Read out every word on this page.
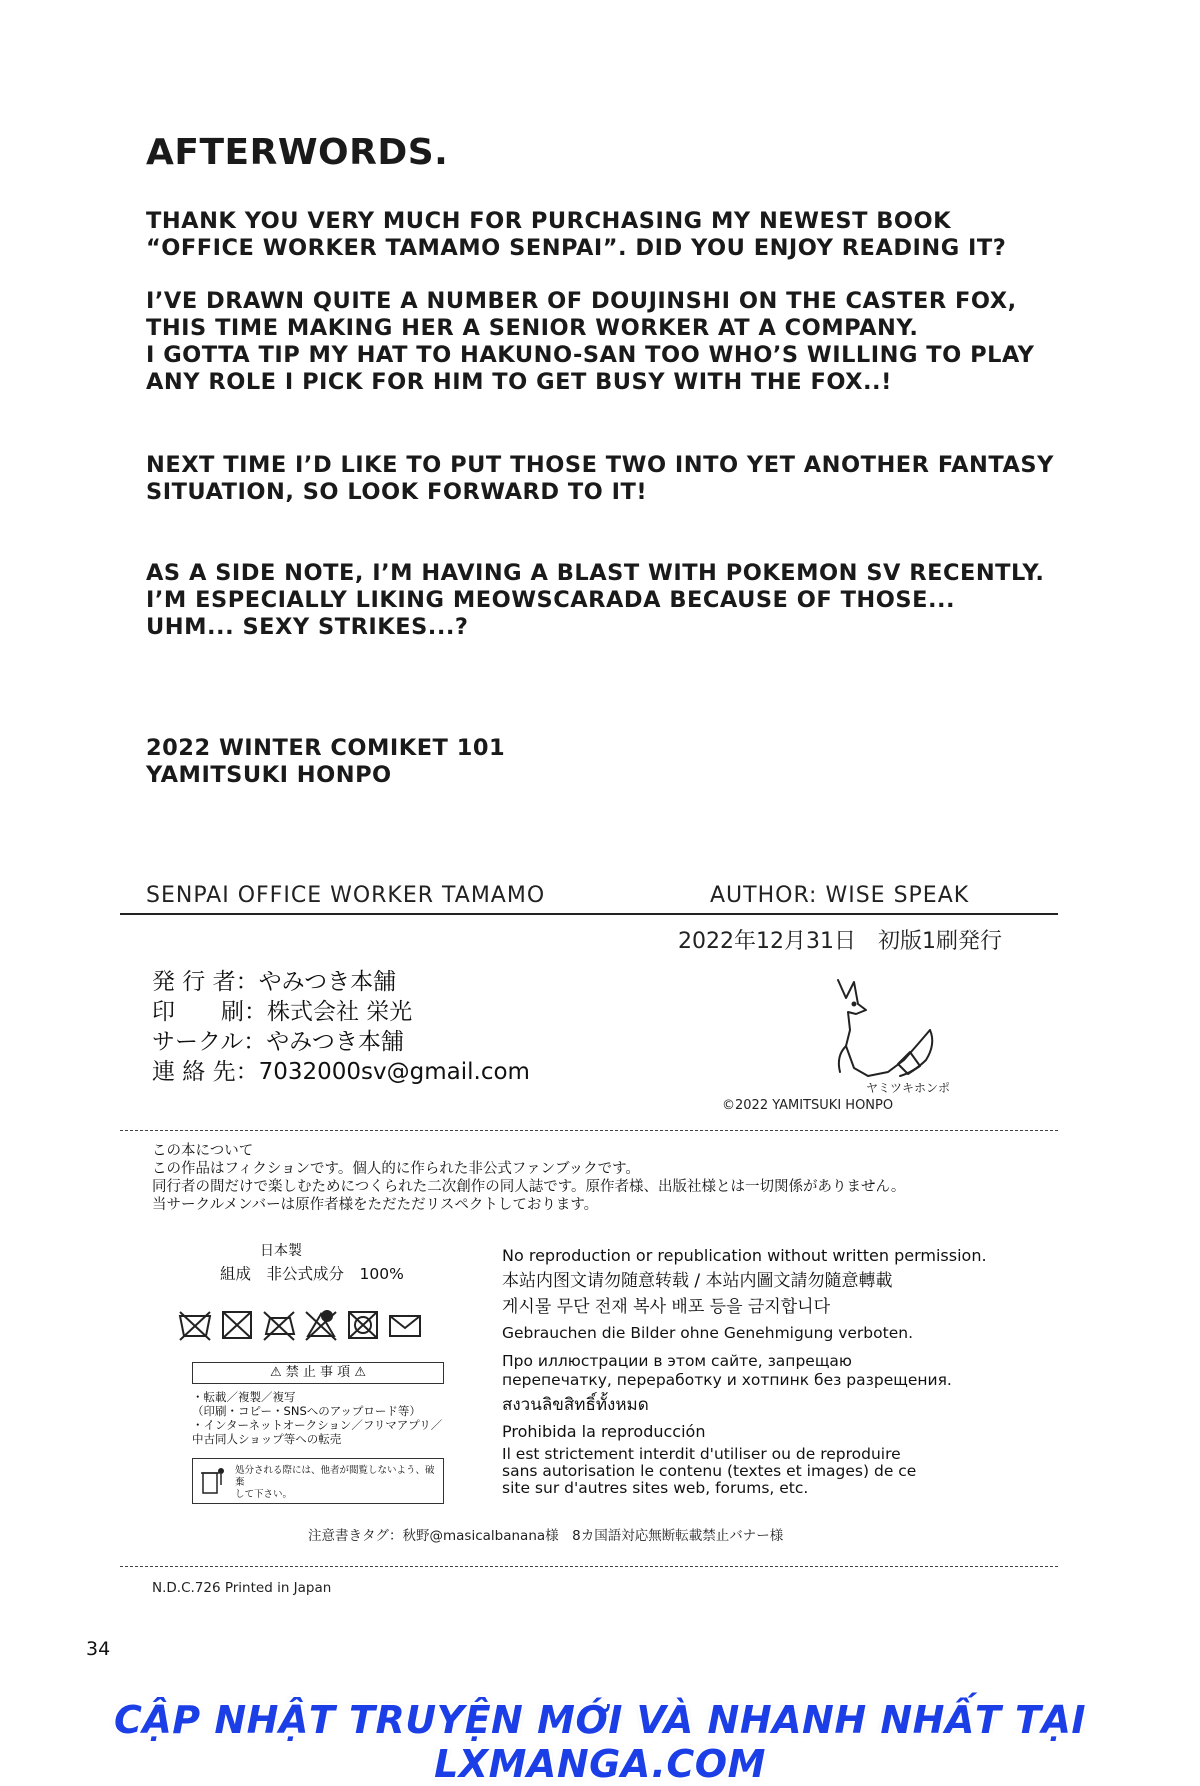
AFTERWORDS.
THANK YOU VERY MUCH FOR PURCHASING MY NEWEST BOOK
“OFFICE WORKER TAMAMO SENPAI”. DID YOU ENJOY READING IT?
I’VE DRAWN QUITE A NUMBER OF DOUJINSHI ON THE CASTER FOX,
THIS TIME MAKING HER A SENIOR WORKER AT A COMPANY.
I GOTTA TIP MY HAT TO HAKUNO-SAN TOO WHO’S WILLING TO PLAY
ANY ROLE I PICK FOR HIM TO GET BUSY WITH THE FOX..!
NEXT TIME I’D LIKE TO PUT THOSE TWO INTO YET ANOTHER FANTASY
SITUATION, SO LOOK FORWARD TO IT!
AS A SIDE NOTE, I’M HAVING A BLAST WITH POKEMON SV RECENTLY.
I’M ESPECIALLY LIKING MEOWSCARADA BECAUSE OF THOSE...
UHM... SEXY STRIKES...?
2022 WINTER COMIKET 101
YAMITSUKI HONPO
SENPAI OFFICE WORKER TAMAMO	AUTHOR: WISE SPEAK
2022年12月31日　初版1刷発行
発 行 者：やみつき本舗
印　　刷：株式会社 栄光
サークル：やみつき本舗
連 絡 先：7032000sv@gmail.com
ヤミツキホンポ
©2022 YAMITSUKI HONPO
この本について
この作品はフィクションです。個人的に作られた非公式ファンブックです。
同行者の間だけで楽しむためにつくられた二次創作の同人誌です。原作者様、出版社様とは一切関係がありません。
当サークルメンバーは原作者様をただただリスペクトしております。
日本製
組成　非公式成分　100%
⚠ 禁 止 事 項 ⚠
・転載／複製／複写
（印刷・コピー・SNSへのアップロード等）
・インターネットオークション／フリマアプリ／
中古同人ショップ等への転売
処分される際には、他者が閲覧しないよう、破棄
して下さい。
No reproduction or republication without written permission.
本站内图文请勿随意转载 / 本站内圖文請勿隨意轉載
게시물 무단 전재 복사 배포 등을 금지합니다
Gebrauchen die Bilder ohne Genehmigung verboten.
Про иллюстрации в этом сайте, запрещаю
перепечатку, переработку и хотпинк без разрещения.
สงวนลิขสิทธิ์ทั้งหมด
Prohibida la reproducción
Il est strictement interdit d'utiliser ou de reproduire
sans autorisation le contenu (textes et images) de ce
site sur d'autres sites web, forums, etc.
注意書きタグ：秋野@masicalbanana様　8カ国語対応無断転載禁止バナー様
N.D.C.726 Printed in Japan
34
CẬP NHẬT TRUYỆN MỚI VÀ NHANH NHẤT TẠI LXMANGA.COM
